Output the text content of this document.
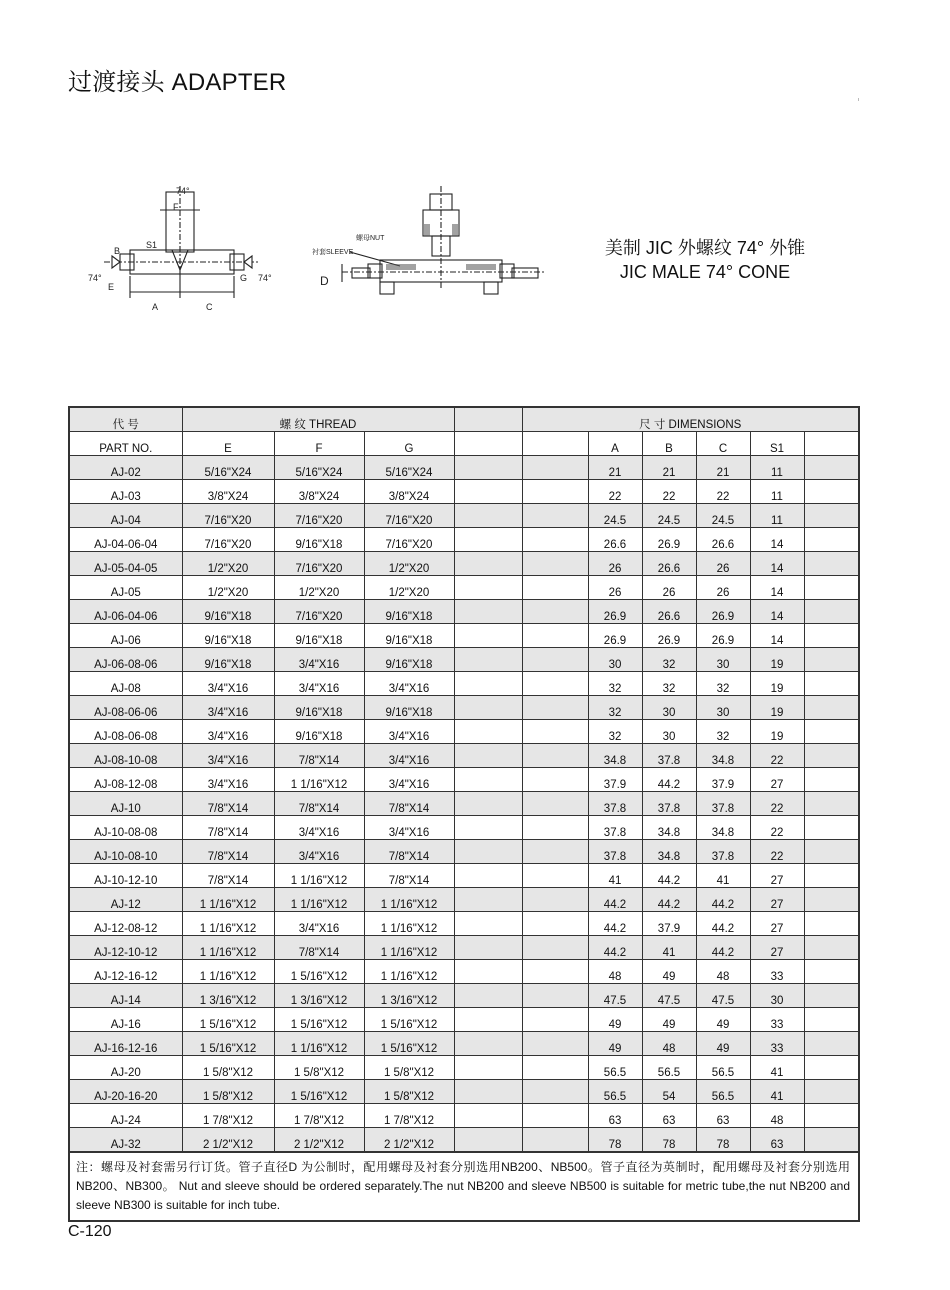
过渡接头 ADAPTER
74°
F
S1
B
74°
E
G 74°
A	C
螺母NUT
衬套SLEEVE
D
美制 JIC 外螺纹 74° 外锥
JIC MALE 74° CONE
代 号	螺 纹 THREAD				尺 寸 DIMENSIONS						
PART NO.	E	F	G			A	B	C	S1		
AJ-02	5/16"X24	5/16"X24	5/16"X24			21	21	21	11		
AJ-03	3/8"X24	3/8"X24	3/8"X24			22	22	22	11		
AJ-04	7/16"X20	7/16"X20	7/16"X20			24.5	24.5	24.5	11		
AJ-04-06-04	7/16"X20	9/16"X18	7/16"X20			26.6	26.9	26.6	14		
AJ-05-04-05	1/2"X20	7/16"X20	1/2"X20			26	26.6	26	14		
AJ-05	1/2"X20	1/2"X20	1/2"X20			26	26	26	14		
AJ-06-04-06	9/16"X18	7/16"X20	9/16"X18			26.9	26.6	26.9	14		
AJ-06	9/16"X18	9/16"X18	9/16"X18			26.9	26.9	26.9	14		
AJ-06-08-06	9/16"X18	3/4"X16	9/16"X18			30	32	30	19		
AJ-08	3/4"X16	3/4"X16	3/4"X16			32	32	32	19		
AJ-08-06-06	3/4"X16	9/16"X18	9/16"X18			32	30	30	19		
AJ-08-06-08	3/4"X16	9/16"X18	3/4"X16			32	30	32	19		
AJ-08-10-08	3/4"X16	7/8"X14	3/4"X16			34.8	37.8	34.8	22		
AJ-08-12-08	3/4"X16	1 1/16"X12	3/4"X16			37.9	44.2	37.9	27		
AJ-10	7/8"X14	7/8"X14	7/8"X14			37.8	37.8	37.8	22		
AJ-10-08-08	7/8"X14	3/4"X16	3/4"X16			37.8	34.8	34.8	22		
AJ-10-08-10	7/8"X14	3/4"X16	7/8"X14			37.8	34.8	37.8	22		
AJ-10-12-10	7/8"X14	1 1/16"X12	7/8"X14			41	44.2	41	27		
AJ-12	1 1/16"X12	1 1/16"X12	1 1/16"X12			44.2	44.2	44.2	27		
AJ-12-08-12	1 1/16"X12	3/4"X16	1 1/16"X12			44.2	37.9	44.2	27		
AJ-12-10-12	1 1/16"X12	7/8"X14	1 1/16"X12			44.2	41	44.2	27		
AJ-12-16-12	1 1/16"X12	1 5/16"X12	1 1/16"X12			48	49	48	33		
AJ-14	1 3/16"X12	1 3/16"X12	1 3/16"X12			47.5	47.5	47.5	30		
AJ-16	1 5/16"X12	1 5/16"X12	1 5/16"X12			49	49	49	33		
AJ-16-12-16	1 5/16"X12	1 1/16"X12	1 5/16"X12			49	48	49	33		
AJ-20	1 5/8"X12	1 5/8"X12	1 5/8"X12			56.5	56.5	56.5	41		
AJ-20-16-20	1 5/8"X12	1 5/16"X12	1 5/8"X12			56.5	54	56.5	41		
AJ-24	1 7/8"X12	1 7/8"X12	1 7/8"X12			63	63	63	48		
AJ-32	2 1/2"X12	2 1/2"X12	2 1/2"X12			78	78	78	63		
注：螺母及衬套需另行订货。管子直径D 为公制时，配用螺母及衬套分别选用NB200、NB500。管子直径为英制时，配用螺母及衬套分别选用NB200、NB300。 Nut and sleeve should be ordered separately.The nut NB200 and sleeve NB500 is suitable for metric tube,the nut NB200 and sleeve NB300 is suitable for inch tube.
C-120
